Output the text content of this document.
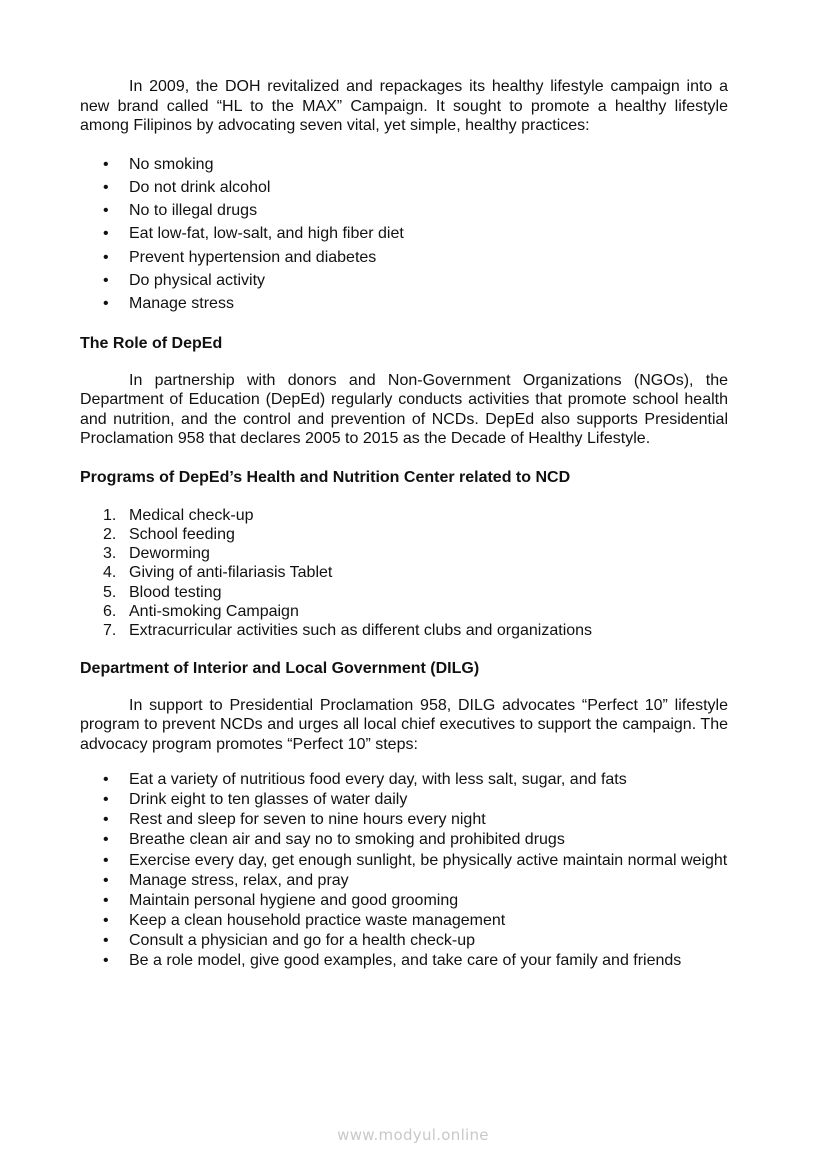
In 2009, the DOH revitalized and repackages its healthy lifestyle campaign into a new brand called “HL to the MAX” Campaign. It sought to promote a healthy lifestyle among Filipinos by advocating seven vital, yet simple, healthy practices:

• No smoking
• Do not drink alcohol
• No to illegal drugs
• Eat low-fat, low-salt, and high fiber diet
• Prevent hypertension and diabetes
• Do physical activity
• Manage stress
The Role of DepEd

In partnership with donors and Non-Government Organizations (NGOs), the Department of Education (DepEd) regularly conducts activities that promote school health and nutrition, and the control and prevention of NCDs. DepEd also supports Presidential Proclamation 958 that declares 2005 to 2015 as the Decade of Healthy Lifestyle.

Programs of DepEd’s Health and Nutrition Center related to NCD
1. Medical check-up
2. School feeding
3. Deworming
4. Giving of anti-filariasis Tablet
5. Blood testing
6. Anti-smoking Campaign
7. Extracurricular activities such as different clubs and organizations
Department of Interior and Local Government (DILG)

In support to Presidential Proclamation 958, DILG advocates “Perfect 10” lifestyle program to prevent NCDs and urges all local chief executives to support the campaign. The advocacy program promotes “Perfect 10” steps:

• Eat a variety of nutritious food every day, with less salt, sugar, and fats
• Drink eight to ten glasses of water daily
• Rest and sleep for seven to nine hours every night
• Breathe clean air and say no to smoking and prohibited drugs
• Exercise every day, get enough sunlight, be physically active maintain normal weight
• Manage stress, relax, and pray
• Maintain personal hygiene and good grooming
• Keep a clean household practice waste management
• Consult a physician and go for a health check-up
• Be a role model, give good examples, and take care of your family and friends
www.modyul.online
